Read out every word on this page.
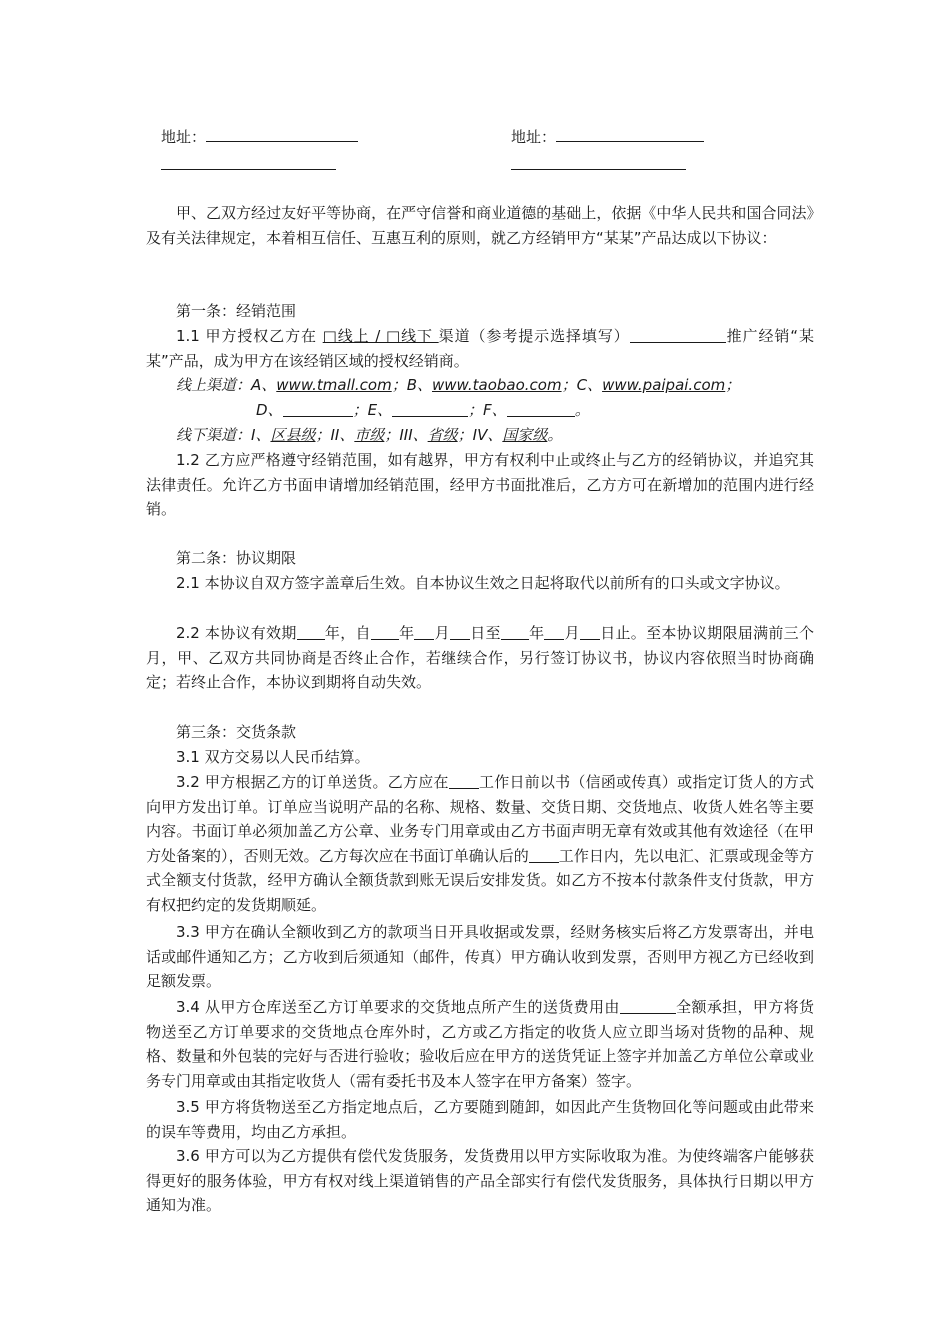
地址：	地址：

甲、乙双方经过友好平等协商，在严守信誉和商业道德的基础上，依据《中华人民共和国合同法》及有关法律规定，本着相互信任、互惠互利的原则，就乙方经销甲方“某某”产品达成以下协议：

第一条：经销范围

1.1 甲方授权乙方在 □线上 / □线下 渠道（参考提示选择填写）	推广经销“某某”产品，成为甲方在该经销区域的授权经销商。

线上渠道：A、www.tmall.com；B、www.taobao.com；C、www.paipai.com；
D、	；E、	；F、	。
线下渠道：I、区县级；II、市级；III、省级；IV、国家级。

1.2 乙方应严格遵守经销范围，如有越界，甲方有权利中止或终止与乙方的经销协议，并追究其法律责任。允许乙方书面申请增加经销范围，经甲方书面批准后，乙方方可在新增加的范围内进行经销。

第二条：协议期限

2.1 本协议自双方签字盖章后生效。自本协议生效之日起将取代以前所有的口头或文字协议。

2.2 本协议有效期 年，自 年 月 日至 年 月 日止。至本协议期限届满前三个月，甲、乙双方共同协商是否终止合作，若继续合作，另行签订协议书，协议内容依照当时协商确定；若终止合作，本协议到期将自动失效。

第三条：交货条款

3.1 双方交易以人民币结算。

3.2 甲方根据乙方的订单送货。乙方应在 工作日前以书（信函或传真）或指定订货人的方式向甲方发出订单。订单应当说明产品的名称、规格、数量、交货日期、交货地点、收货人姓名等主要内容。书面订单必须加盖乙方公章、业务专门用章或由乙方书面声明无章有效或其他有效途径（在甲方处备案的），否则无效。乙方每次应在书面订单确认后的 工作日内，先以电汇、汇票或现金等方式全额支付货款，经甲方确认全额货款到账无误后安排发货。如乙方不按本付款条件支付货款，甲方有权把约定的发货期顺延。

3.3 甲方在确认全额收到乙方的款项当日开具收据或发票，经财务核实后将乙方发票寄出，并电话或邮件通知乙方；乙方收到后须通知（邮件，传真）甲方确认收到发票，否则甲方视乙方已经收到足额发票。

3.4 从甲方仓库送至乙方订单要求的交货地点所产生的送货费用由	全额承担，甲方将货物送至乙方订单要求的交货地点仓库外时，乙方或乙方指定的收货人应立即当场对货物的品种、规格、数量和外包装的完好与否进行验收；验收后应在甲方的送货凭证上签字并加盖乙方单位公章或业务专门用章或由其指定收货人（需有委托书及本人签字在甲方备案）签字。

3.5 甲方将货物送至乙方指定地点后，乙方要随到随卸，如因此产生货物回化等问题或由此带来的误车等费用，均由乙方承担。

3.6 甲方可以为乙方提供有偿代发货服务，发货费用以甲方实际收取为准。为使终端客户能够获得更好的服务体验，甲方有权对线上渠道销售的产品全部实行有偿代发货服务，具体执行日期以甲方通知为准。
